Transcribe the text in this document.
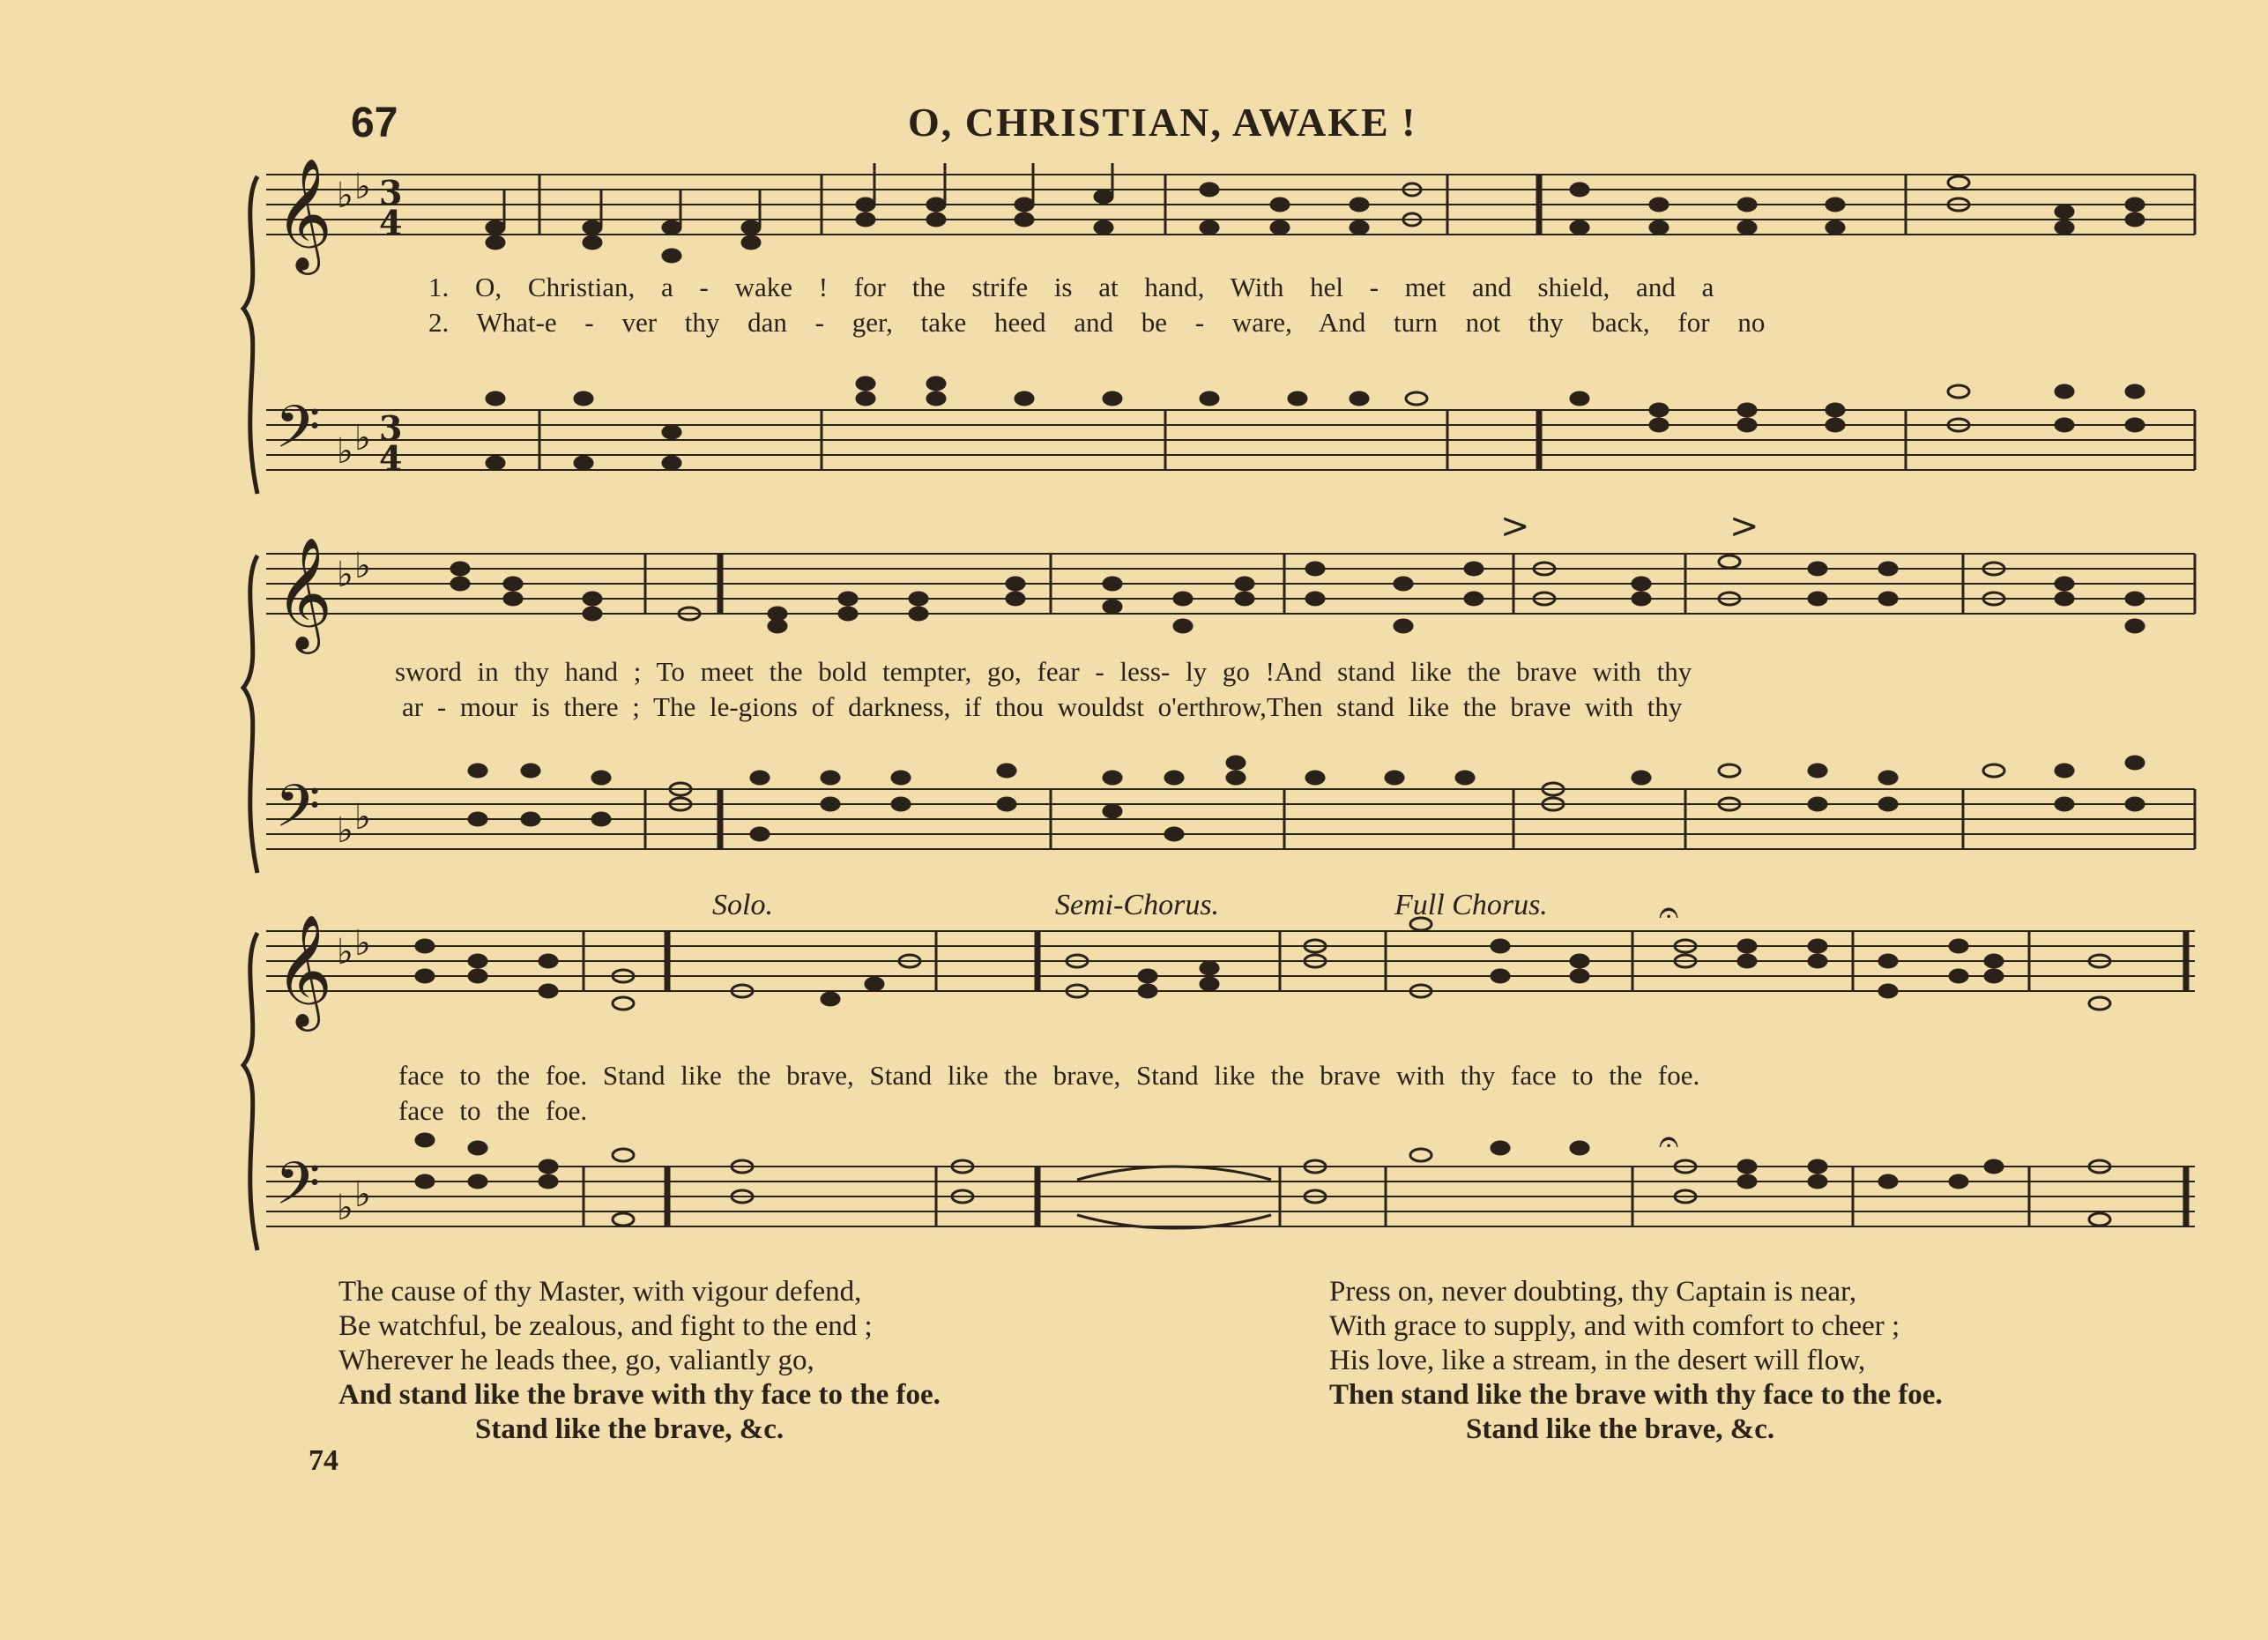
67	O, CHRISTIAN, AWAKE !
𝄞 ♭ ♭ 3
4
𝄢 ♭ ♭ 3
4
1. O, Christian, a - wake ! for the strife is at hand, With hel - met and shield, and a
2. What-e - ver thy dan - ger, take heed and be - ware, And turn not thy back, for no
𝄞 ♭ ♭
𝄢 ♭ ♭
>	>
sword in thy hand ; To meet the bold tempter, go, fear - less- ly go !And stand like the brave with thy
ar - mour is there ; The le-gions of darkness, if thou wouldst o'erthrow,Then stand like the brave with thy
Solo.	Semi-Chorus.	Full Chorus.
𝄞 ♭ ♭
𝄢 ♭ ♭
𝄐
𝄐
face to the foe. Stand like the brave, Stand like the brave, Stand like the brave with thy face to the foe.
face to the foe.
The cause of thy Master, with vigour defend,
Be watchful, be zealous, and fight to the end ;
Wherever he leads thee, go, valiantly go,
And stand like the brave with thy face to the foe.
Stand like the brave, &c.
Press on, never doubting, thy Captain is near,
With grace to supply, and with comfort to cheer ;
His love, like a stream, in the desert will flow,
Then stand like the brave with thy face to the foe.
Stand like the brave, &c.
74
